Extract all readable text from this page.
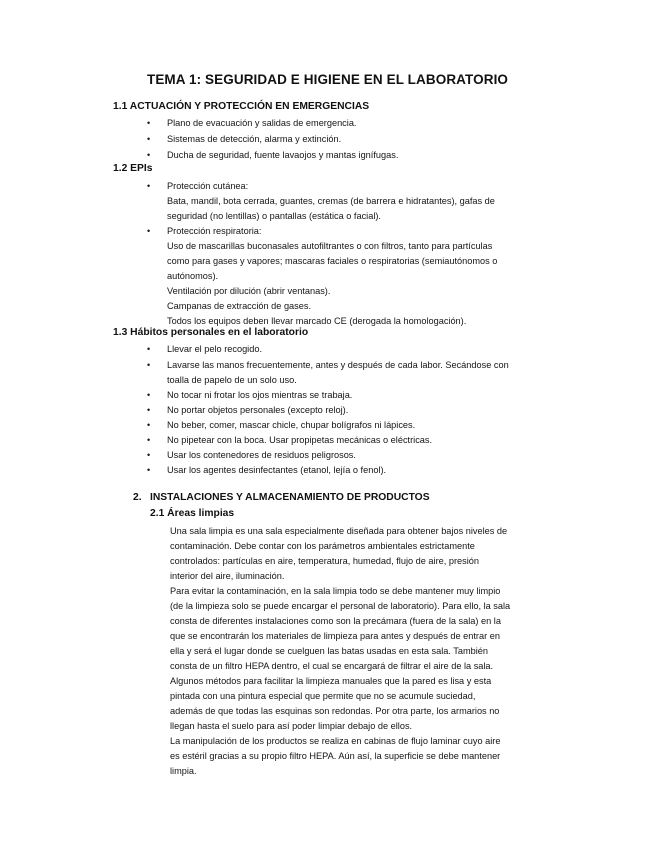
TEMA 1: SEGURIDAD E HIGIENE EN EL LABORATORIO
1.1 ACTUACIÓN Y PROTECCIÓN EN EMERGENCIAS
•	Plano de evacuación y salidas de emergencia.
•	Sistemas de detección, alarma y extinción.
•	Ducha de seguridad, fuente lavaojos y mantas ignífugas.
1.2 EPIs
•	Protección cutánea:
Bata, mandil, bota cerrada, guantes, cremas (de barrera e hidratantes), gafas de
seguridad (no lentillas) o pantallas (estática o facial).
•	Protección respiratoria:
Uso de mascarillas buconasales autofiltrantes o con filtros, tanto para partículas
como para gases y vapores; mascaras faciales o respiratorias (semiautónomos o
autónomos).
Ventilación por dilución (abrir ventanas).
Campanas de extracción de gases.
Todos los equipos deben llevar marcado CE (derogada la homologación).
1.3 Hábitos personales en el laboratorio
•	Llevar el pelo recogido.
•	Lavarse las manos frecuentemente, antes y después de cada labor. Secándose con
toalla de papelo de un solo uso.
•	No tocar ni frotar los ojos mientras se trabaja.
•	No portar objetos personales (excepto reloj).
•	No beber, comer, mascar chicle, chupar bolígrafos ni lápices.
•	No pipetear con la boca. Usar propipetas mecánicas o eléctricas.
•	Usar los contenedores de residuos peligrosos.
•	Usar los agentes desinfectantes (etanol, lejía o fenol).
2. INSTALACIONES Y ALMACENAMIENTO DE PRODUCTOS
2.1 Áreas limpias
Una sala limpia es una sala especialmente diseñada para obtener bajos niveles de
contaminación. Debe contar con los parámetros ambientales estrictamente
controlados: partículas en aire, temperatura, humedad, flujo de aire, presión
interior del aire, iluminación.
Para evitar la contaminación, en la sala limpia todo se debe mantener muy limpio
(de la limpieza solo se puede encargar el personal de laboratorio). Para ello, la sala
consta de diferentes instalaciones como son la precámara (fuera de la sala) en la
que se encontrarán los materiales de limpieza para antes y después de entrar en
ella y será el lugar donde se cuelguen las batas usadas en esta sala. También
consta de un filtro HEPA dentro, el cual se encargará de filtrar el aire de la sala.
Algunos métodos para facilitar la limpieza manuales que la pared es lisa y esta
pintada con una pintura especial que permite que no se acumule suciedad,
además de que todas las esquinas son redondas. Por otra parte, los armarios no
llegan hasta el suelo para así poder limpiar debajo de ellos.
La manipulación de los productos se realiza en cabinas de flujo laminar cuyo aire
es estéril gracias a su propio filtro HEPA. Aún así, la superficie se debe mantener
limpia.
